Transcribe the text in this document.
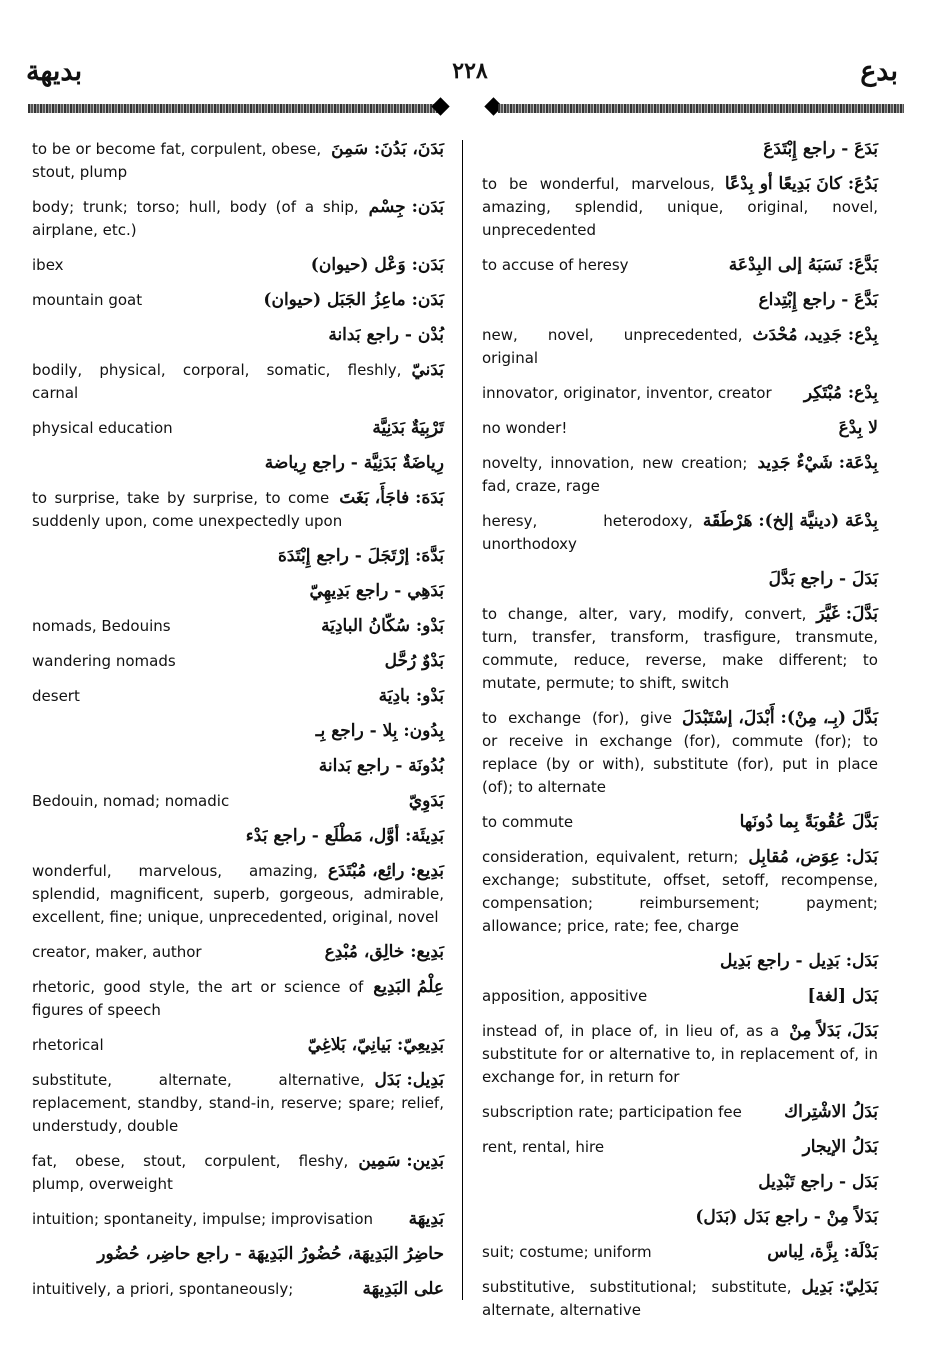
بديهة	٢٢٨	بدع
بَدَنَ، بَدُنَ: سَمِنَ
to be or become fat, corpulent, obese, stout, plump
بَدَن: جِسْم
body; trunk; torso; hull, body (of a ship, airplane, etc.)
بَدَن: وَعْل (حيوان)
ibex
بَدَن: ماعِزُ الجَبَل (حيوان)
mountain goat
بُدْن - راجع بَدانة
بَدَنيّ
bodily, physical, corporal, somatic, fleshly, carnal
تَرْبِيَةٌ بَدَنِيَّة
physical education
رِياضَةٌ بَدَنِيَّة - راجع رِياضة
بَدَهَ: فاجَأَ، بَغَتَ
to surprise, take by surprise, to come suddenly upon, come unexpectedly upon
بَدَّهَ: إرْتَجَلَ - راجع إِبْتَدَهَ
بَدَهِي - راجع بَدِيهِيّ
بَدْو: سُكّانُ البادِيَة
nomads, Bedouins
بَدْوٌ رُحَّل
wandering nomads
بَدْو: بادِيَة
desert
بِدُون: بِلا - راجع بِـ
بُدُونَة - راجع بَدانة
بَدَوِيّ
Bedouin, nomad; nomadic
بَدِيئَة: أوَّل، مَطْلَع - راجع بَدْء
بَدِيع: رائِع، مُبْتَدَع
wonderful, marvelous, amazing, splendid, magnificent, superb, gorgeous, admirable, excellent, fine; unique, unprecedented, original, novel
بَدِيع: خالِق، مُبْدِع
creator, maker, author
عِلْمُ البَدِيع
rhetoric, good style, the art or science of figures of speech
بَدِيعِيّ: بَيانِيّ، بَلاغِيّ
rhetorical
بَدِيل: بَدَل
substitute, alternate, alternative, replacement, standby, stand-in, reserve; spare; relief, understudy, double
بَدِين: سَمِين
fat, obese, stout, corpulent, fleshy, plump, overweight
بَدِيهَة
intuition; spontaneity, impulse; improvisation
حاضِرُ البَدِيهَة، حُضُورُ البَدِيهَة - راجع حاضِر، حُضُور
على البَدِيهَة
intuitively, a priori, spontaneously;
بَدَعَ - راجع إِبْتَدَعَ
بَدُعَ: كانَ بَدِيعًا أو بِدْعًا
to be wonderful, marvelous, amazing, splendid, unique, original, novel, unprecedented
بَدَّعَ: نَسَبَهُ إلى البِدْعَة
to accuse of heresy
بَدَّعَ - راجع إِبْتِداع
بِدْع: جَدِيد، مُحْدَث
new, novel, unprecedented, original
بِدْع: مُبْتَكِر
innovator, originator, inventor, creator
لا بِدْعَ
no wonder!
بِدْعَة: شَيْءٌ جَدِيد
novelty, innovation, new creation; fad, craze, rage
بِدْعَة (دينيَّة إلخ): هَرْطَقَة
heresy, heterodoxy, unorthodoxy
بَدَلَ - راجع بَدَّلَ
بَدَّلَ: غَيَّرَ
to change, alter, vary, modify, convert, turn, transfer, transform, trasfigure, transmute, commute, reduce, reverse, make different; to mutate, permute; to shift, switch
بَدَّلَ (بِـ، مِنْ): أَبْدَلَ، إسْتَبْدَلَ
to exchange (for), give or receive in exchange (for), commute (for); to replace (by or with), substitute (for), put in place (of); to alternate
بَدَّلَ عُقُوبَةً بِما دُونَها
to commute
بَدَل: عِوَض، مُقابِل
consideration, equivalent, return; exchange; substitute, offset, setoff, recompense, compensation; reimbursement; payment; allowance; price, rate; fee, charge
بَدَل: بَدِيل - راجع بَدِيل
بَدَل [لغة]
apposition, appositive
بَدَلَ، بَدَلاً مِنْ
instead of, in place of, in lieu of, as a substitute for or alternative to, in replacement of, in exchange for, in return for
بَدَلُ الاشْتِراك
subscription rate; participation fee
بَدَلُ الإيجار
rent, rental, hire
بَدَل - راجع تَبْدِيل
بَدَلاً مِنْ - راجع بَدَل (بَدَل)
بَدْلَة: بِزَّة، لِباس
suit; costume; uniform
بَدَلِيّ: بَدِيل
substitutive, substitutional; substitute, alternate, alternative
